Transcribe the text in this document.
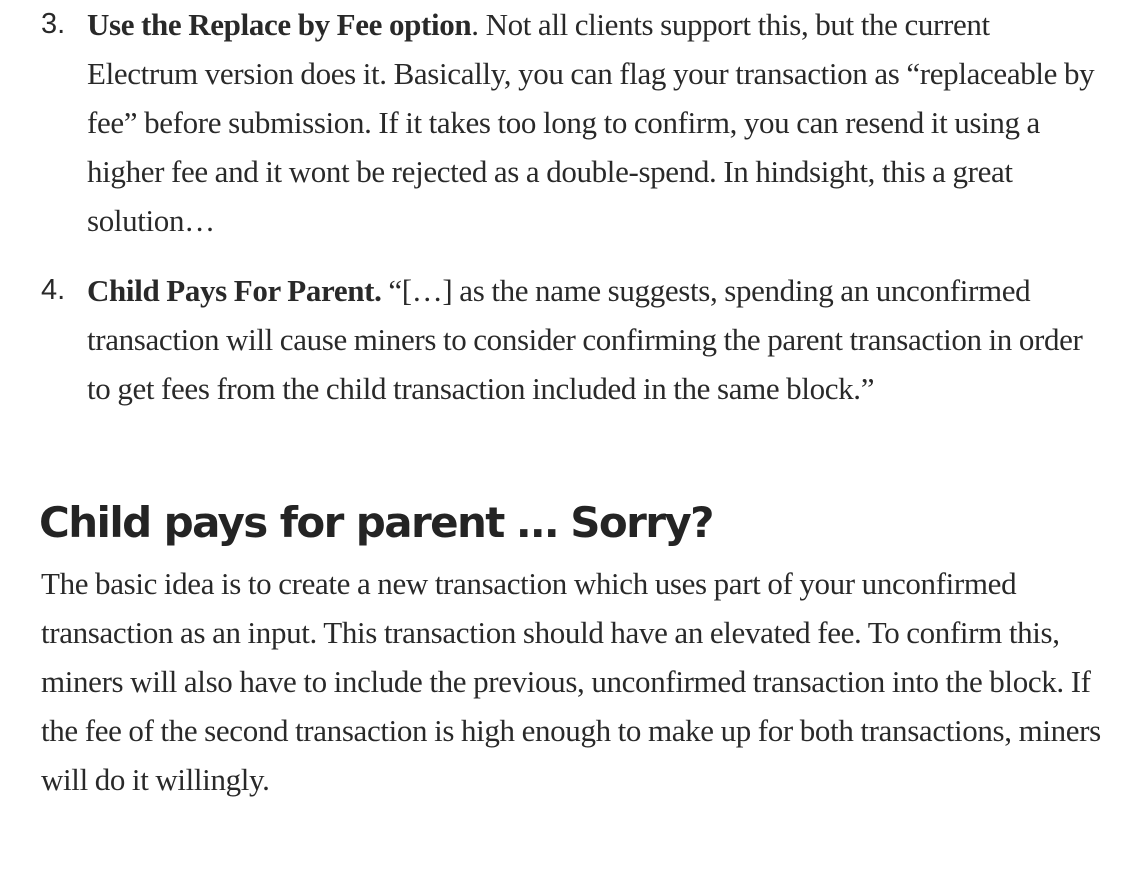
3. Use the Replace by Fee option. Not all clients support this, but the current Electrum version does it. Basically, you can flag your transaction as “replaceable by fee” before submission. If it takes too long to confirm, you can resend it using a higher fee and it wont be rejected as a double-spend. In hindsight, this a great solution…
4. Child Pays For Parent. “[…] as the name suggests, spending an unconfirmed transaction will cause miners to consider confirming the parent transaction in order to get fees from the child transaction included in the same block.”
Child pays for parent … Sorry?

The basic idea is to create a new transaction which uses part of your unconfirmed transaction as an input. This transaction should have an elevated fee. To confirm this, miners will also have to include the previous, unconfirmed transaction into the block. If the fee of the second transaction is high enough to make up for both transactions, miners will do it willingly.
